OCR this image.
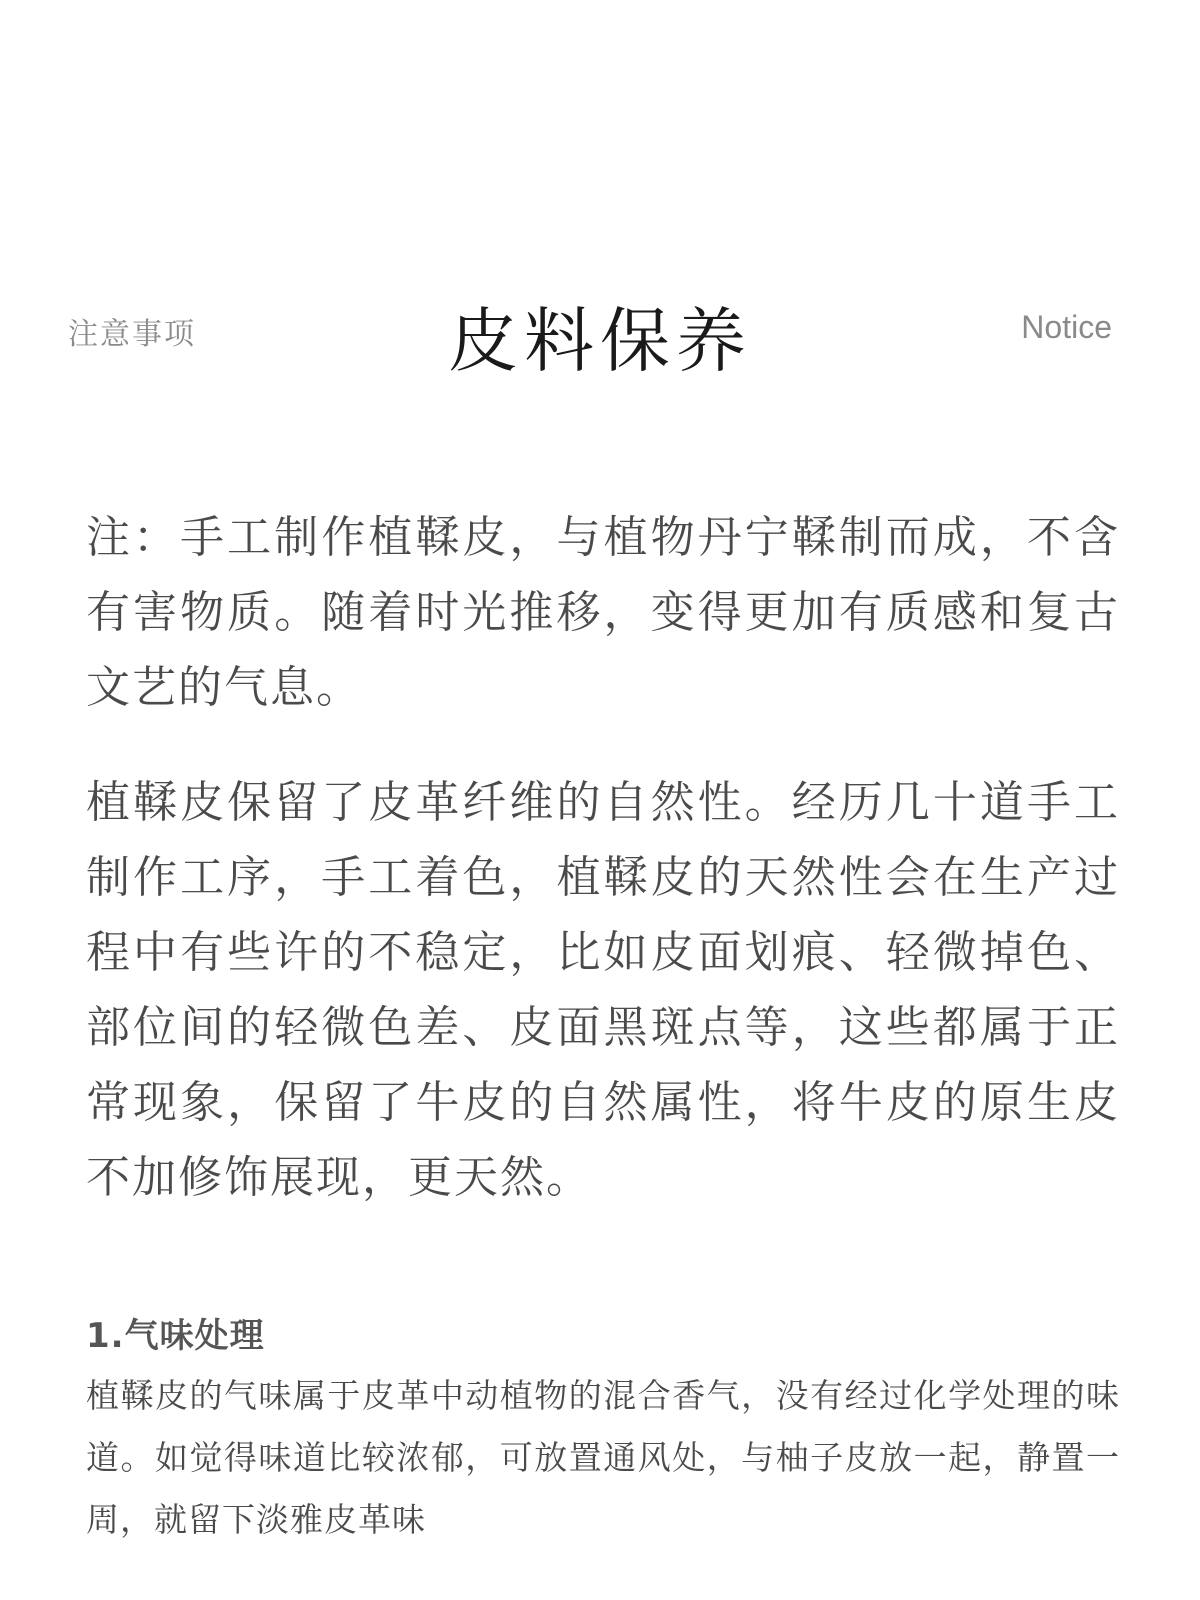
注意事项	皮料保养	Notice

注：手工制作植鞣皮，与植物丹宁鞣制而成，不含有害物质。随着时光推移，变得更加有质感和复古文艺的气息。

植鞣皮保留了皮革纤维的自然性。经历几十道手工制作工序，手工着色，植鞣皮的天然性会在生产过程中有些许的不稳定，比如皮面划痕、轻微掉色、部位间的轻微色差、皮面黑斑点等，这些都属于正常现象，保留了牛皮的自然属性，将牛皮的原生皮不加修饰展现，更天然。

1.气味处理

植鞣皮的气味属于皮革中动植物的混合香气，没有经过化学处理的味道。如觉得味道比较浓郁，可放置通风处，与柚子皮放一起，静置一周，就留下淡雅皮革味
